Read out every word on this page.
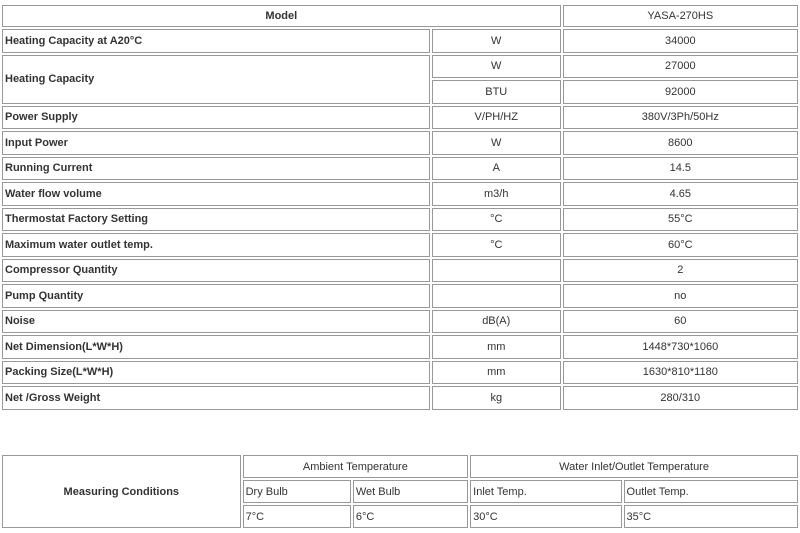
Model		YASA-270HS
Heating Capacity at A20°C	W	34000
Heating Capacity	W	27000
	BTU	92000
Power Supply	V/PH/HZ	380V/3Ph/50Hz
Input Power	W	8600
Running Current	A	14.5
Water flow volume	m3/h	4.65
Thermostat Factory Setting	°C	55°C
Maximum water outlet temp.	°C	60°C
Compressor Quantity		2
Pump Quantity		no
Noise	dB(A)	60
Net Dimension(L*W*H)	mm	1448*730*1060
Packing Size(L*W*H)	mm	1630*810*1180
Net /Gross Weight	kg	280/310
Measuring Conditions	Ambient Temperature		Water Inlet/Outlet Temperature	
	Dry Bulb	Wet Bulb	Inlet Temp.	Outlet Temp.
	7°C	6°C	30°C	35°C
